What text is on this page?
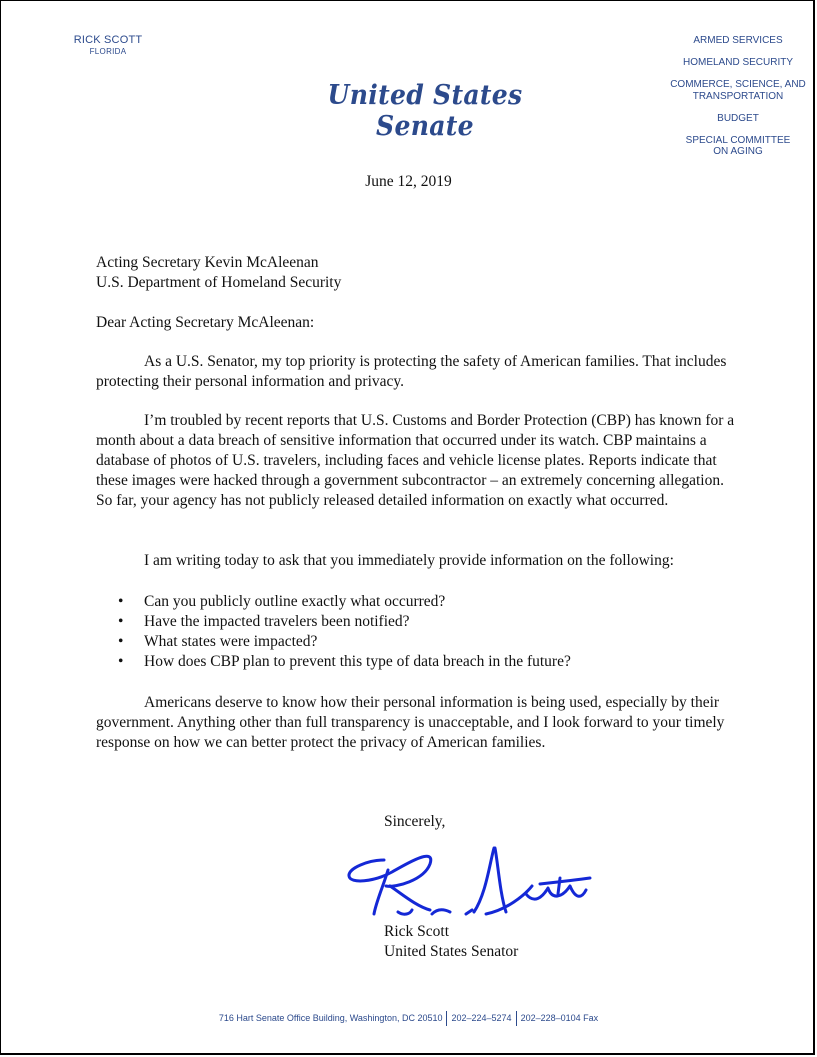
RICK SCOTT
FLORIDA
United States Senate
ARMED SERVICES
HOMELAND SECURITY
COMMERCE, SCIENCE, AND TRANSPORTATION
BUDGET
SPECIAL COMMITTEE ON AGING
June 12, 2019
Acting Secretary Kevin McAleenan
U.S. Department of Homeland Security
Dear Acting Secretary McAleenan:
As a U.S. Senator, my top priority is protecting the safety of American families. That includes protecting their personal information and privacy.
I’m troubled by recent reports that U.S. Customs and Border Protection (CBP) has known for a month about a data breach of sensitive information that occurred under its watch. CBP maintains a database of photos of U.S. travelers, including faces and vehicle license plates. Reports indicate that these images were hacked through a government subcontractor – an extremely concerning allegation. So far, your agency has not publicly released detailed information on exactly what occurred.
I am writing today to ask that you immediately provide information on the following:
• Can you publicly outline exactly what occurred?
• Have the impacted travelers been notified?
• What states were impacted?
• How does CBP plan to prevent this type of data breach in the future?
Americans deserve to know how their personal information is being used, especially by their government. Anything other than full transparency is unacceptable, and I look forward to your timely response on how we can better protect the privacy of American families.
Sincerely,
Rick Scott
United States Senator
716 Hart Senate Office Building, Washington, DC 20510 202–224–5274 202–228–0104 Fax
